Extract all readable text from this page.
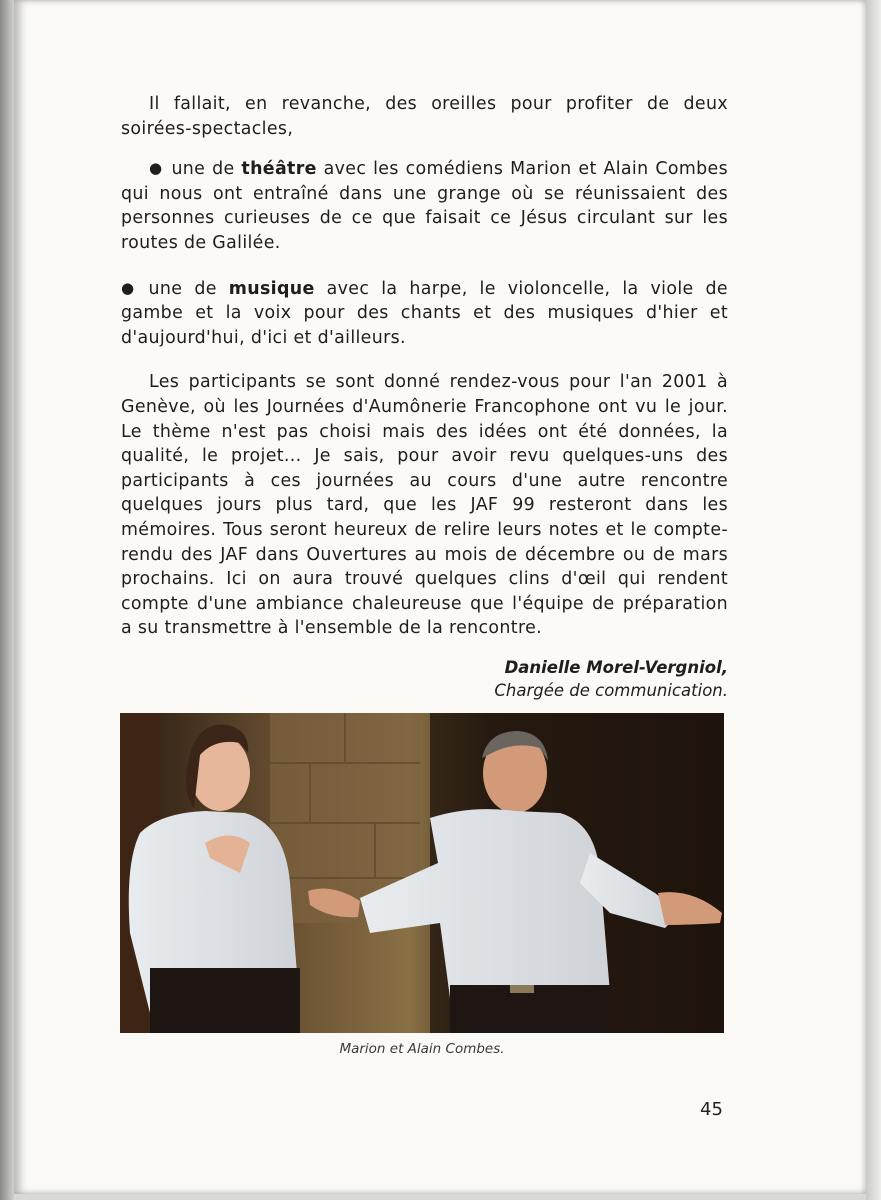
Il fallait, en revanche, des oreilles pour profiter de deux soirées-spectacles,

● une de théâtre avec les comédiens Marion et Alain Combes qui nous ont entraîné dans une grange où se réunissaient des personnes curieuses de ce que faisait ce Jésus circulant sur les routes de Galilée.

● une de musique avec la harpe, le violoncelle, la viole de gambe et la voix pour des chants et des musiques d'hier et d'aujourd'hui, d'ici et d'ailleurs.

Les participants se sont donné rendez-vous pour l'an 2001 à Genève, où les Journées d'Aumônerie Francophone ont vu le jour. Le thème n'est pas choisi mais des idées ont été données, la qualité, le projet... Je sais, pour avoir revu quelques-uns des participants à ces journées au cours d'une autre rencontre quelques jours plus tard, que les JAF 99 resteront dans les mémoires. Tous seront heureux de relire leurs notes et le compte-rendu des JAF dans Ouvertures au mois de décembre ou de mars prochains. Ici on aura trouvé quelques clins d'œil qui rendent compte d'une ambiance chaleureuse que l'équipe de préparation a su transmettre à l'ensemble de la rencontre.

Danielle Morel-Vergniol,
Chargée de communication.
Marion et Alain Combes.
45
